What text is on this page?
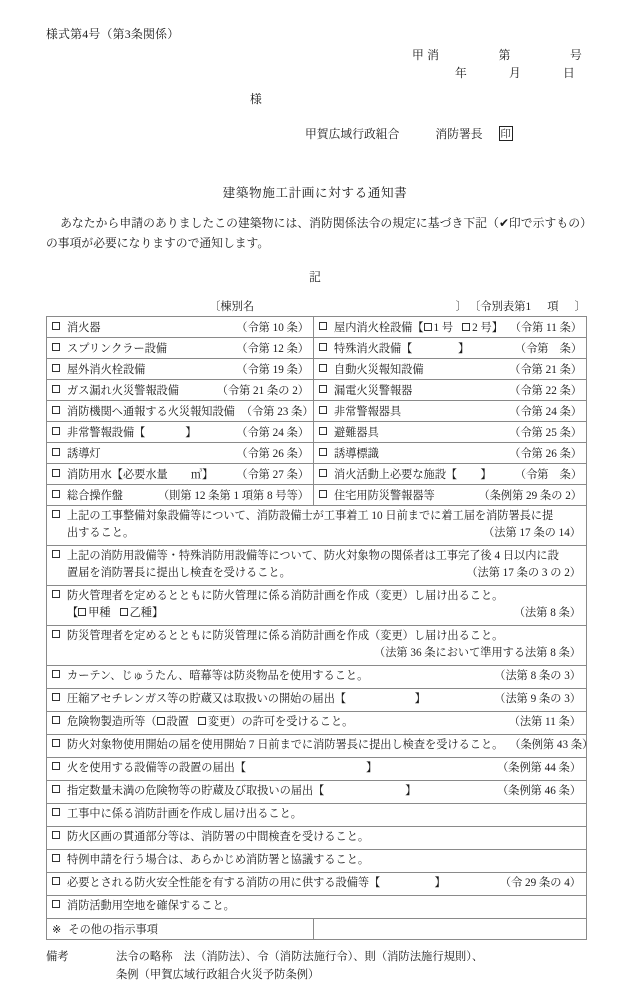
様式第4号（第3条関係）
甲 消	第	号
年	月	日
様
甲賀広域行政組合	消防署長 印
建築物施工計画に対する通知書
あなたから申請のありましたこの建築物には、消防関係法令の規定に基づき下記（✔印で示すもの）の事項が必要になりますので通知します。
記
〔棟別名	〕 〔令別表第1 項 〕
消火器 （令第 10 条）	屋内消火栓設備【 1 号 2 号 】 （令第 11 条）

スプリンクラー設備 （令第 12 条）	特殊消火設備【 】 （令第　条）

屋外消火栓設備 （令第 19 条）	自動火災報知設備 （令第 21 条）

ガス漏れ火災警報設備 （令第 21 条の 2）	漏電火災警報器 （令第 22 条）

消防機関へ通報する火災報知設備 （令第 23 条）	非常警報器具 （令第 24 条）

非常警報設備【 】 （令第 24 条）	避難器具 （令第 25 条）

誘導灯 （令第 26 条）	誘導標識 （令第 26 条）

消防用水【必要水量 ㎥】 （令第 27 条）	消火活動上必要な施設【 】 （令第　条）

総合操作盤 （則第 12 条第 1 項第 8 号等）	住宅用防災警報器等 （条例第 29 条の 2）

上記の工事整備対象設備等について、消防設備士が工事着工 10 日前までに着工届を消防署長に提
出すること。 （法第 17 条の 14）	

上記の消防用設備等・特殊消防用設備等について、防火対象物の関係者は工事完了後 4 日以内に設
置届を消防署長に提出し検査を受けること。 （法第 17 条の 3 の 2）	

防火管理者を定めるとともに防火管理に係る消防計画を作成（変更）し届け出ること。
【 甲種	乙種 】	（法第 8 条）

防災管理者を定めるとともに防災管理に係る消防計画を作成（変更）し届け出ること。
（法第 36 条において準用する法第 8 条）	

カーテン、じゅうたん、暗幕等は防炎物品を使用すること。 （法第 8 条の 3）	

圧縮アセチレンガス等の貯蔵又は取扱いの開始の届出【 】 （法第 9 条の 3）	

危険物製造所等（ 設置 変更 ）の許可を受けること。 （法第 11 条）	

防火対象物使用開始の届を使用開始 7 日前までに消防署長に提出し検査を受けること。 （条例第 43 条）	

火を使用する設備等の設置の届出【 】 （条例第 44 条）	

指定数量未満の危険物等の貯蔵及び取扱いの届出【 】 （条例第 46 条）	

工事中に係る消防計画を作成し届け出ること。	

防火区画の貫通部分等は、消防署の中間検査を受けること。	

特例申請を行う場合は、あらかじめ消防署と協議すること。	

必要とされる防火安全性能を有する消防の用に供する設備等【 】 （令 29 条の 4）	

消防活動用空地を確保すること。	

※ その他の指示事項	

備考	法令の略称　法（消防法）、令（消防法施行令）、則（消防法施行規則）、
条例（甲賀広域行政組合火災予防条例）
